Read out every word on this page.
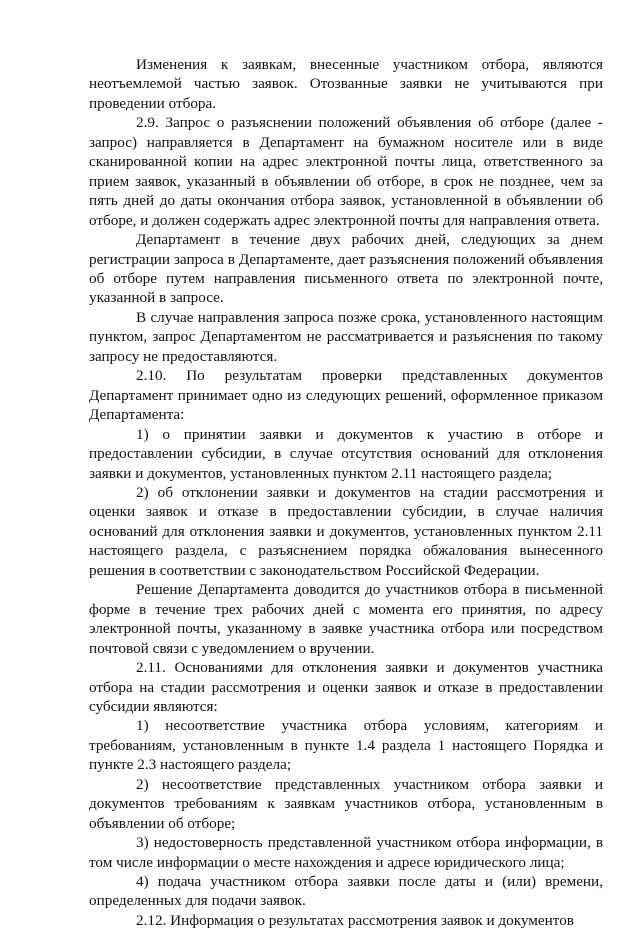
Изменения к заявкам, внесенные участником отбора, являются неотъемлемой частью заявок. Отозванные заявки не учитываются при проведении отбора.

2.9. Запрос о разъяснении положений объявления об отборе (далее - запрос) направляется в Департамент на бумажном носителе или в виде сканированной копии на адрес электронной почты лица, ответственного за прием заявок, указанный в объявлении об отборе, в срок не позднее, чем за пять дней до даты окончания отбора заявок, установленной в объявлении об отборе, и должен содержать адрес электронной почты для направления ответа.

Департамент в течение двух рабочих дней, следующих за днем регистрации запроса в Департаменте, дает разъяснения положений объявления об отборе путем направления письменного ответа по электронной почте, указанной в запросе.

В случае направления запроса позже срока, установленного настоящим пунктом, запрос Департаментом не рассматривается и разъяснения по такому запросу не предоставляются.

2.10. По результатам проверки представленных документов Департамент принимает одно из следующих решений, оформленное приказом Департамента:

1) о принятии заявки и документов к участию в отборе и предоставлении субсидии, в случае отсутствия оснований для отклонения заявки и документов, установленных пунктом 2.11 настоящего раздела;

2) об отклонении заявки и документов на стадии рассмотрения и оценки заявок и отказе в предоставлении субсидии, в случае наличия оснований для отклонения заявки и документов, установленных пунктом 2.11 настоящего раздела, с разъяснением порядка обжалования вынесенного решения в соответствии с законодательством Российской Федерации.

Решение Департамента доводится до участников отбора в письменной форме в течение трех рабочих дней с момента его принятия, по адресу электронной почты, указанному в заявке участника отбора или посредством почтовой связи с уведомлением о вручении.

2.11. Основаниями для отклонения заявки и документов участника отбора на стадии рассмотрения и оценки заявок и отказе в предоставлении субсидии являются:

1) несоответствие участника отбора условиям, категориям и требованиям, установленным в пункте 1.4 раздела 1 настоящего Порядка и пункте 2.3 настоящего раздела;

2) несоответствие представленных участником отбора заявки и документов требованиям к заявкам участников отбора, установленным в объявлении об отборе;

3) недостоверность представленной участником отбора информации, в том числе информации о месте нахождения и адресе юридического лица;

4) подача участником отбора заявки после даты и (или) времени, определенных для подачи заявок.

2.12. Информация о результатах рассмотрения заявок и документов
